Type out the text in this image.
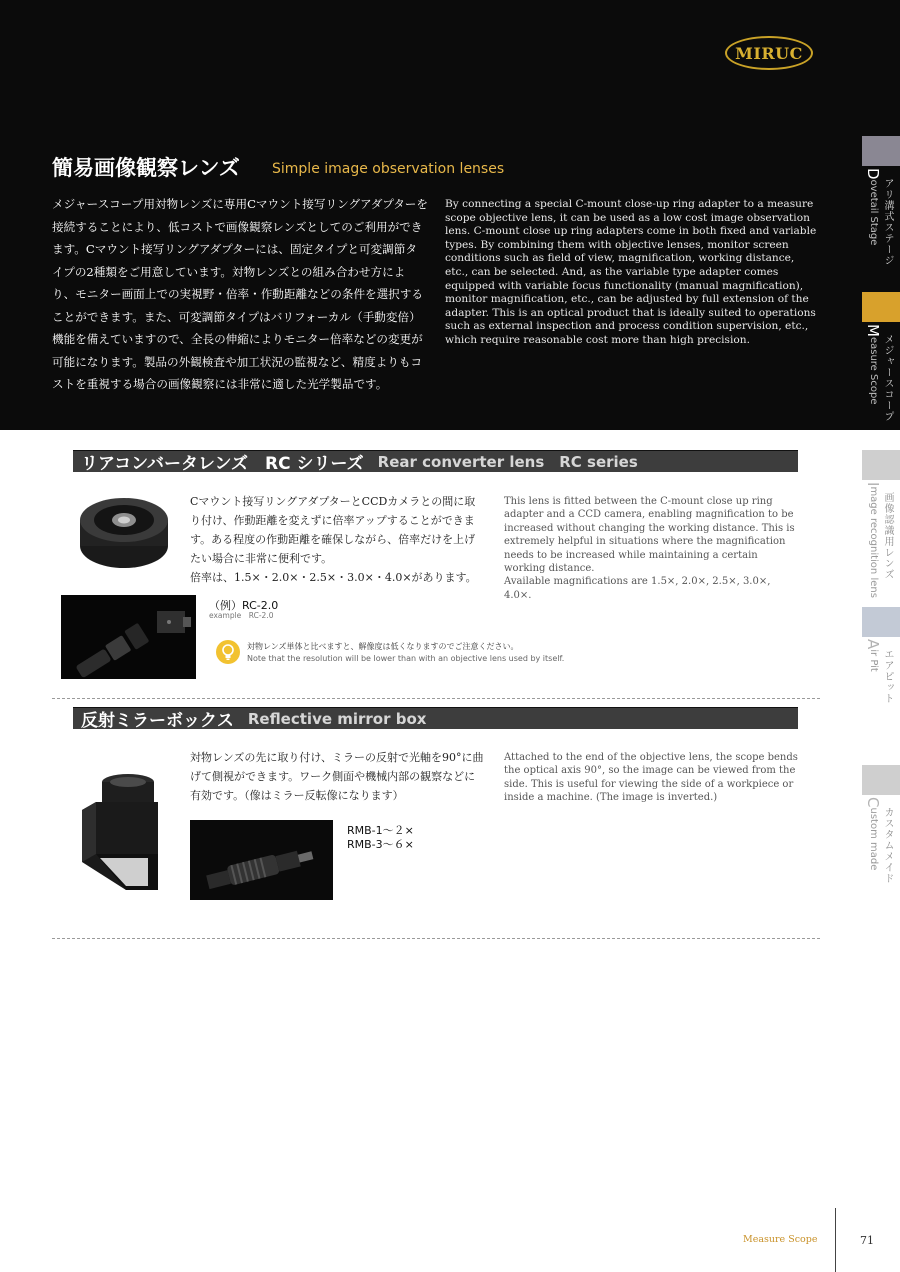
MIRUC
簡易画像観察レンズ Simple image observation lenses
メジャースコープ用対物レンズに専用Cマウント接写リングアダプターを接続することにより、低コストで画像観察レンズとしてのご利用ができます。Cマウント接写リングアダプターには、固定タイプと可変調節タイプの2種類をご用意しています。対物レンズとの組み合わせ方により、モニター画面上での実視野・倍率・作動距離などの条件を選択することができます。また、可変調節タイプはバリフォーカル（手動変倍）機能を備えていますので、全長の伸縮によりモニター倍率などの変更が可能になります。製品の外観検査や加工状況の監視など、精度よりもコストを重視する場合の画像観察には非常に適した光学製品です。
By connecting a special C-mount close-up ring adapter to a measure scope objective lens, it can be used as a low cost image observation lens. C-mount close up ring adapters come in both fixed and variable types. By combining them with objective lenses, monitor screen conditions such as field of view, magnification, working distance, etc., can be selected. And, as the variable type adapter comes equipped with variable focus functionality (manual magnification), monitor magnification, etc., can be adjusted by full extension of the adapter. This is an optical product that is ideally suited to operations such as external inspection and process condition supervision, etc., which require reasonable cost more than high precision.
Dovetail Stage アリ溝式ステージ
Measure Scope メジャースコープ
Image recognition lens 画像認識用レンズ
Air Pit エアピット
Custom made カスタムメイド
リアコンバータレンズ　RC シリーズ Rear converter lens　RC series
Cマウント接写リングアダプターとCCDカメラとの間に取り付け、作動距離を変えずに倍率アップすることができます。ある程度の作動距離を確保しながら、倍率だけを上げたい場合に非常に便利です。
倍率は、1.5×・2.0×・2.5×・3.0×・4.0×があります。
This lens is fitted between the C-mount close up ring adapter and a CCD camera, enabling magnification to be increased without changing the working distance. This is extremely helpful in situations where the magnification needs to be increased while maintaining a certain working distance.
Available magnifications are 1.5×, 2.0×, 2.5×, 3.0×, 4.0×.
（例）RC-2.0
example　RC-2.0
対物レンズ単体と比べますと、解像度は低くなりますのでご注意ください。
Note that the resolution will be lower than with an objective lens used by itself.
反射ミラーボックス Reflective mirror box
対物レンズの先に取り付け、ミラーの反射で光軸を90°に曲げて側視ができます。ワーク側面や機械内部の観察などに有効です。（像はミラー反転像になります）
Attached to the end of the objective lens, the scope bends the optical axis 90°, so the image can be viewed from the side. This is useful for viewing the side of a workpiece or inside a machine. (The image is inverted.)
RMB-1～２×
RMB-3～６×
Measure Scope	71
